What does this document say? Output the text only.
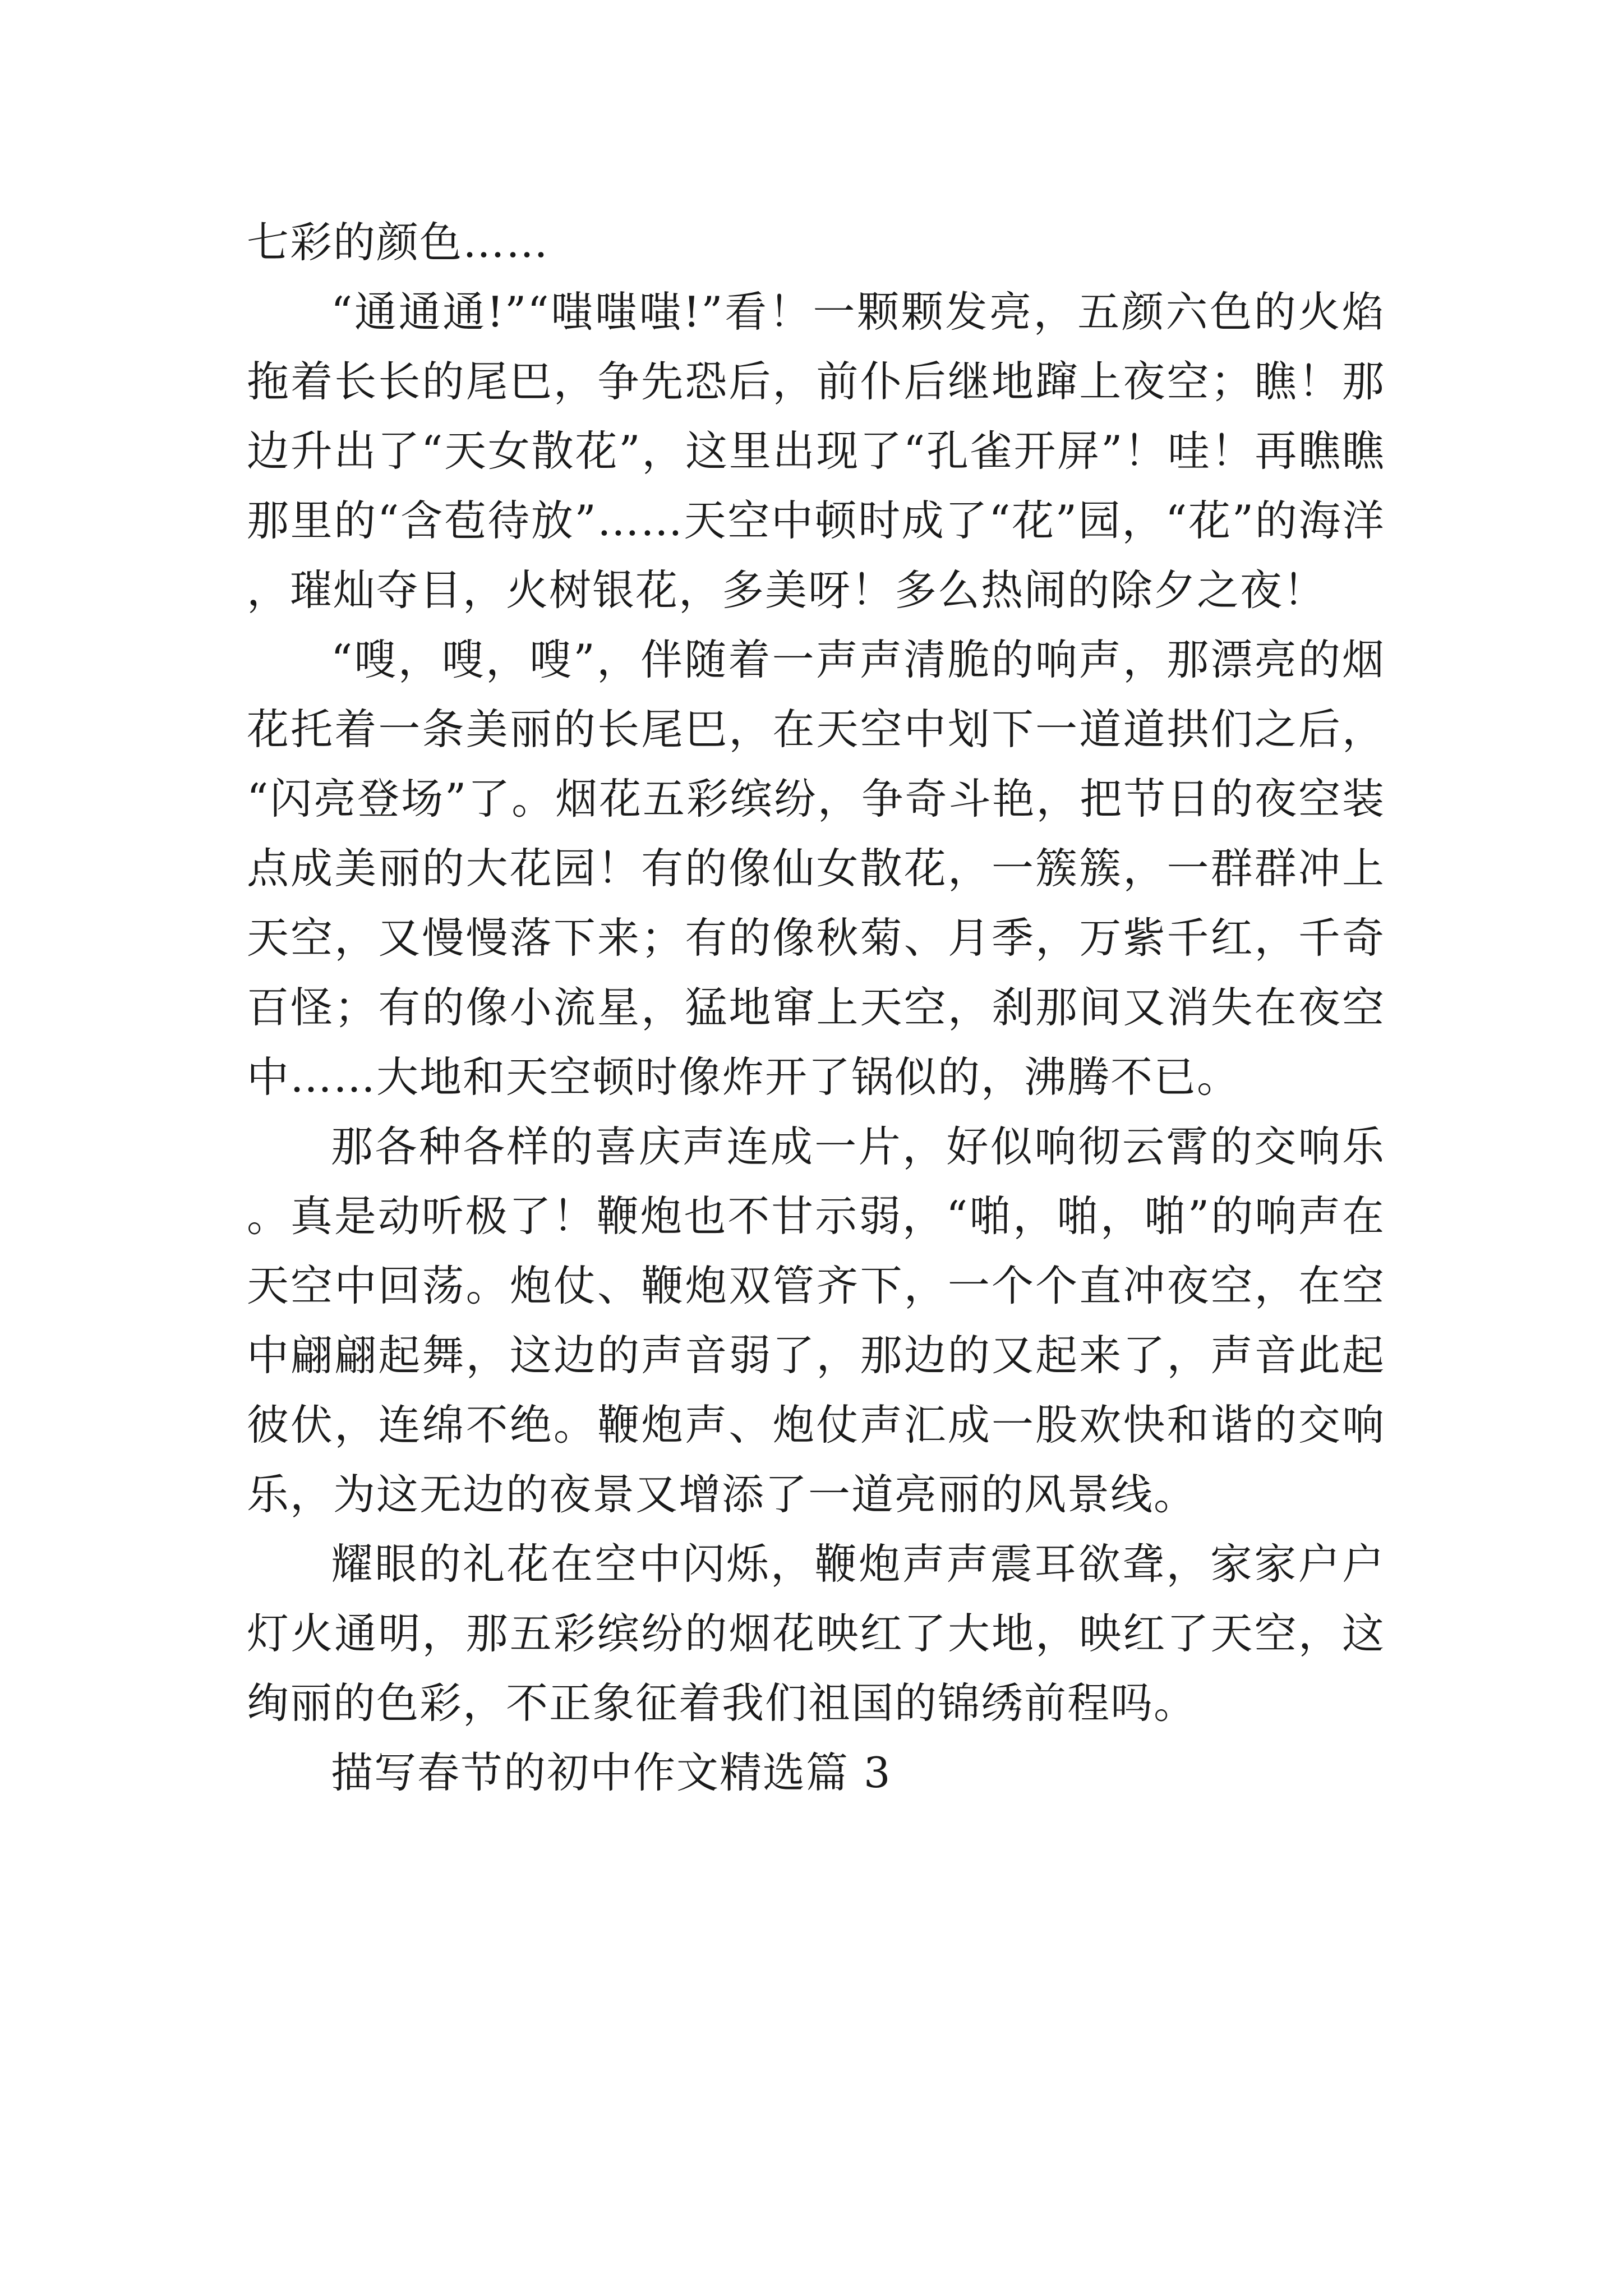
七彩的颜色……

“通通通!”“嗤嗤嗤!”看！一颗颗发亮，五颜六色的火焰拖着长长的尾巴，争先恐后，前仆后继地蹿上夜空；瞧！那边升出了“天女散花”，这里出现了“孔雀开屏”！哇！再瞧瞧那里的“含苞待放”……天空中顿时成了“花”园，“花”的海洋，璀灿夺目，火树银花，多美呀！多么热闹的除夕之夜！

“嗖，嗖，嗖”，伴随着一声声清脆的响声，那漂亮的烟花托着一条美丽的长尾巴，在天空中划下一道道拱们之后，“闪亮登场”了。烟花五彩缤纷，争奇斗艳，把节日的夜空装点成美丽的大花园！有的像仙女散花，一簇簇，一群群冲上天空，又慢慢落下来；有的像秋菊、月季，万紫千红，千奇百怪；有的像小流星，猛地窜上天空，刹那间又消失在夜空中……大地和天空顿时像炸开了锅似的，沸腾不已。

那各种各样的喜庆声连成一片，好似响彻云霄的交响乐。真是动听极了！鞭炮也不甘示弱，“啪，啪，啪”的响声在天空中回荡。炮仗、鞭炮双管齐下，一个个直冲夜空，在空中翩翩起舞，这边的声音弱了，那边的又起来了，声音此起彼伏，连绵不绝。鞭炮声、炮仗声汇成一股欢快和谐的交响乐，为这无边的夜景又增添了一道亮丽的风景线。

耀眼的礼花在空中闪烁，鞭炮声声震耳欲聋，家家户户灯火通明，那五彩缤纷的烟花映红了大地，映红了天空，这绚丽的色彩，不正象征着我们祖国的锦绣前程吗。

描写春节的初中作文精选篇 3
